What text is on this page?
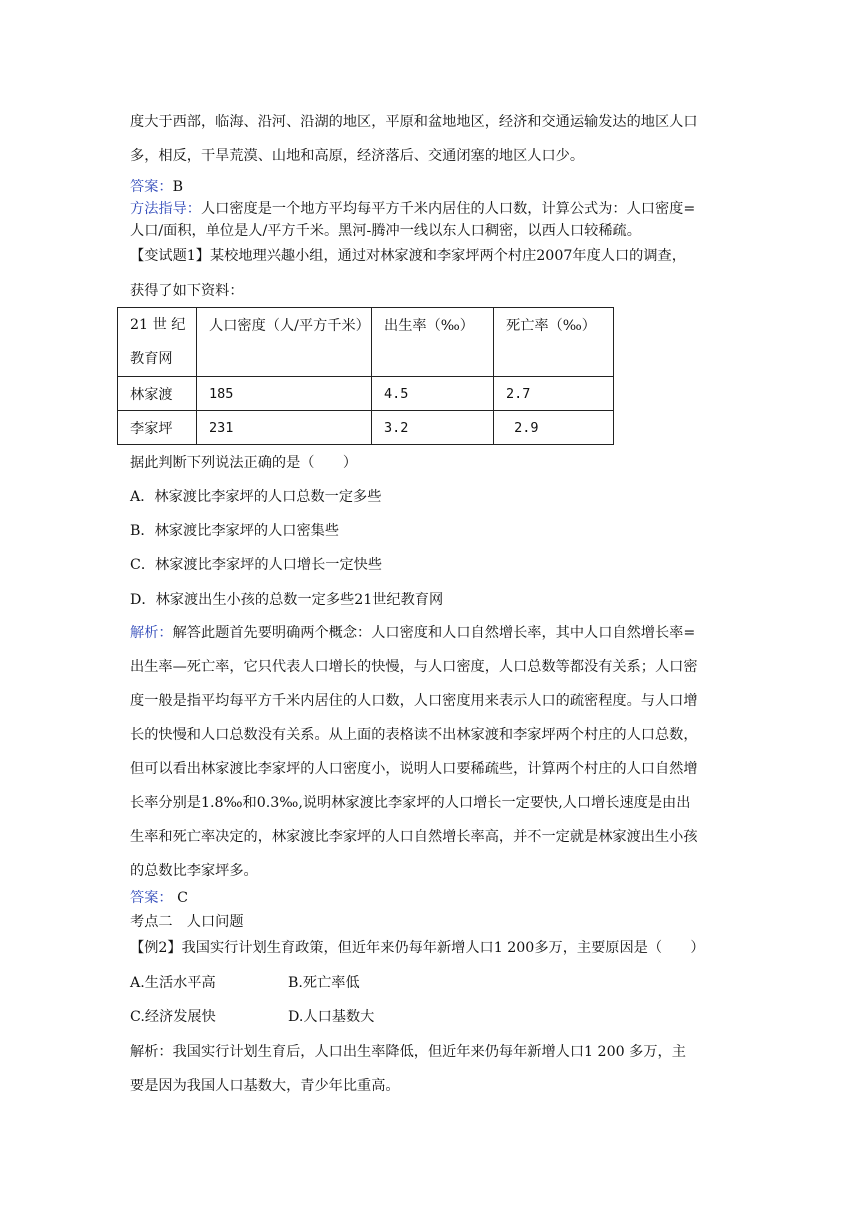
度大于西部，临海、沿河、沿湖的地区，平原和盆地地区，经济和交通运输发达的地区人口
多，相反，干旱荒漠、山地和高原，经济落后、交通闭塞的地区人口少。
答案：B
方法指导：人口密度是一个地方平均每平方千米内居住的人口数，计算公式为：人口密度=
人口/面积，单位是人/平方千米。黑河-腾冲一线以东人口稠密，以西人口较稀疏。
【变试题1】某校地理兴趣小组，通过对林家渡和李家坪两个村庄2007年度人口的调查，
获得了如下资料：
21 世 纪
教育网	人口密度（人/平方千米）	出生率（‰）	死亡率（‰）
林家渡	185	4.5	2.7
李家坪	231	3.2	2.9
据此判断下列说法正确的是（　　）
A．林家渡比李家坪的人口总数一定多些
B．林家渡比李家坪的人口密集些
C．林家渡比李家坪的人口增长一定快些
D．林家渡出生小孩的总数一定多些21世纪教育网
解析：解答此题首先要明确两个概念：人口密度和人口自然增长率，其中人口自然增长率=
出生率—死亡率，它只代表人口增长的快慢，与人口密度，人口总数等都没有关系；人口密
度一般是指平均每平方千米内居住的人口数，人口密度用来表示人口的疏密程度。与人口增
长的快慢和人口总数没有关系。从上面的表格读不出林家渡和李家坪两个村庄的人口总数，
但可以看出林家渡比李家坪的人口密度小，说明人口要稀疏些，计算两个村庄的人口自然增
长率分别是1.8‰和0.3‰,说明林家渡比李家坪的人口增长一定要快,人口增长速度是由出
生率和死亡率决定的，林家渡比李家坪的人口自然增长率高，并不一定就是林家渡出生小孩
的总数比李家坪多。
答案： C
考点二　人口问题
【例2】我国实行计划生育政策，但近年来仍每年新增人口1 200多万，主要原因是（　　）
A.生活水平高	B.死亡率低
C.经济发展快	D.人口基数大
解析：我国实行计划生育后，人口出生率降低，但近年来仍每年新增人口1 200 多万，主
要是因为我国人口基数大，青少年比重高。
